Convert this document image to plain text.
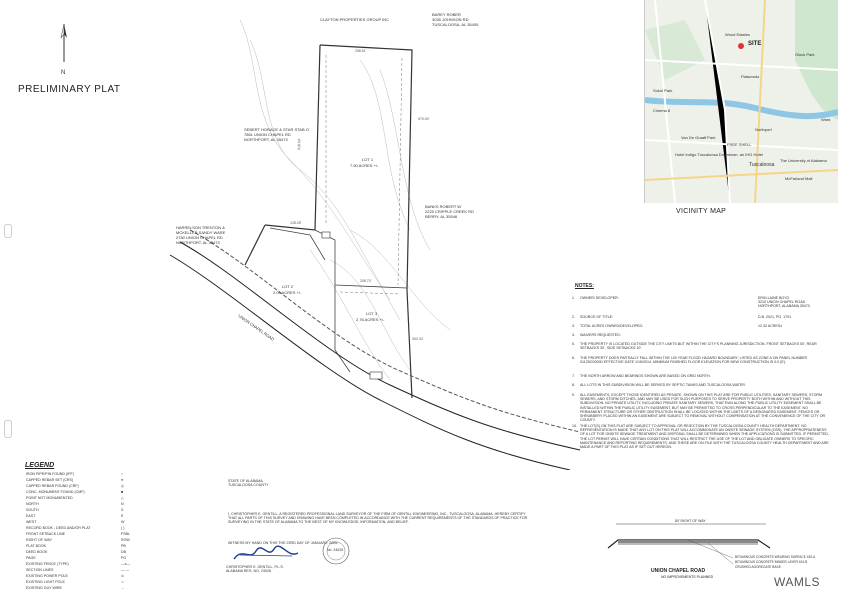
N
PRELIMINARY PLAT
258.51'
570.00'
618.59'
128.28'
208.70'
303.34'
CLAYTON PROPERTIES GROUP INC
BAREY ROBER
3035 JOHNSON RD
TUSCALOOSA, AL 35405
SEBERT HORACE & STAR STAB O
7861 UNION CHAPEL RD
NORTHPORT, AL 35473
HARRELSON TRENTON &
MCKELLER SANDY WARE
2780 UNION CHAPEL RD
NORTHPORT, AL 35473
BANKS ROBERT W
2225 CRIPPLE CREEK RD
BERRY, AL 35546
LOT 1
7.50 ACRES +/-
LOT 2
2.09 ACRES +/-
LOT 3
2.76 ACRES +/-
UNION CHAPEL ROAD
SITE
Wood Estates
Glock Park
Flatwoods
Northport
FREE SHELL
Tuscaloosa
The University of Alabama
Hotel Indigo Tuscaloosa Downtown, an IHG Hotel
Van De Graaff Park
Cinema 8
Sokol Park
McFarland Mall
Ward
VICINITY MAP
NOTES:
1. OWNER/ DEVELOPER:	ERIN LAINE BOYD
3210 UNION CHAPEL ROAD
NORTHPORT, ALABAMA 35473
2. SOURCE OF TITLE:	D.B. 2021, PG. 1791
3. TOTAL ACRES OWNED/DEVELOPED:	12.32 ACRES±
4. WAIVERS REQUESTED:
5. THE PROPERTY IS LOCATED OUTSIDE THE CITY LIMITS BUT WITHIN THE CITY'S PLANNING JURISDICTION. FRONT SETBACKS 50', REAR SETBACKS 30', SIDE SETBACKS 10'.
6. THE PROPERTY DOES PARTIALLY FALL WITHIN THE 100 YEAR FLOOD HAZARD BOUNDARY, LISTED AS ZONE A ON PANEL NUMBER 01125C0000D EFFECTIVE DATE 1/16/2014. MINIMUM FINISHED FLOOR ELEVATION FOR NEW CONSTRUCTION IS 0.0 (E).
7. THE NORTH ARROW AND BEARINGS SHOWN ARE BASED ON GRID NORTH.
8. ALL LOTS IN THIS SUBDIVISION WILL BE SERVED BY SEPTIC TANKS AND TUSCALOOSA WATER.
9. ALL EASEMENTS, EXCEPT THOSE IDENTIFIED AS PRIVATE, SHOWN ON THIS PLAT ARE FOR PUBLIC UTILITIES, SANITARY SEWERS, STORM SEWERS, AND STORM DITCHES, AND MAY BE USED FOR SUCH PURPOSES TO SERVE PROPERTY BOTH WITHIN AND WITHOUT THIS SUBDIVISION. NO PRIVATE UTILITY, INCLUDING PRIVATE SANITARY SEWERS, THAT RUN ALONG THE PUBLIC UTILITY EASEMENT SHALL BE INSTALLED WITHIN THE PUBLIC UTILITY EASEMENT, BUT MAY BE PERMITTED TO CROSS PERPENDICULAR TO THE EASEMENT. NO PERMANENT STRUCTURE OR OTHER OBSTRUCTION SHALL BE LOCATED WITHIN THE LIMITS OF A DESIGNATED EASEMENT. FENCES OR SHRUBBERY PLACED WITHIN AN EASEMENT ARE SUBJECT TO REMOVAL WITHOUT COMPENSATION AT THE CONVENIENCE OF THE CITY OR COUNTY.
10. THE LOT(S) ON THIS PLAT ARE SUBJECT TO APPROVAL OR REJECTION BY THE TUSCALOOSA COUNTY HEALTH DEPARTMENT. NO REPRESENTATION IS MADE THAT ANY LOT ON THIS PLAT WILL ACCOMMODATE AN ONSITE SEWAGE SYSTEM (OSS). THE APPROPRIATENESS OF A LOT FOR ONSITE SEWAGE TREATMENT AND DISPOSAL SHALL BE DETERMINED WHEN THE APPLICATIONS IS SUBMITTED. IF PERMITTED, THE LOT PERMIT WILL HAVE CERTAIN CONDITIONS THAT WILL RESTRICT THE USE OF THE LOT AND OBLIGATE OWNERS TO SPECIFIC MAINTENANCE AND REPORTING REQUIREMENTS, AND THESE ARE ON FILE WITH THE TUSCALOOSA COUNTY HEALTH DEPARTMENT AND ARE MADE A PART OF THIS PLAT AS IF SET OUT HEREON.
LEGEND
IRON PIPE/PIN FOUND (IPF)	○
CAPPED REBAR SET (CRS)	●
CAPPED REBAR FOUND (CRF)	◎
CONC. MONUMENT FOUND (CMF)	■
POINT NOT MONUMENTED	△
NORTH	N
SOUTH	S
EAST	E
WEST	W
RECORD BOOK - DEED AND/OR PLAT	( )
FRONT SETBACK LINE	FSBL
RIGHT OF WAY	ROW
PLAT BOOK	PB
DEED BOOK	DB
PAGE	PG
EXISTING FENCE (TYPE)	—x—
SECTION LINES	— —
EXISTING POWER POLE	⊙
EXISTING LIGHT POLE	☼
EXISTING GUY WIRE	←
STATE OF ALABAMA
TUSCALOOSA COUNTY
I, CHRISTOPHER E. GENTILL, A REGISTERED PROFESSIONAL LAND SURVEYOR OF THE FIRM OF GENTILL ENGINEERING, INC., TUSCALOOSA, ALABAMA, HEREBY CERTIFY THAT ALL PARTS OF THIS SURVEY AND DRAWING HAVE BEEN COMPLETED IN ACCORDANCE WITH THE CURRENT REQUIREMENTS OF THE STANDARDS OF PRACTICE FOR SURVEYING IN THE STATE OF ALABAMA TO THE BEST OF MY KNOWLEDGE, INFORMATION, AND BELIEF.
WITNESS MY HAND ON THIS THE 23RD DAY OF JANUARY, 2025.
CHRISTOPHER E. GENTILL, P.L.S.
ALABAMA REG. NO. 24026
No. 24026
80' RIGHT OF WAY
BITUMINOUS CONCRETE WEARING SURFACE 425-A
BITUMINOUS CONCRETE BINDER LAYER 424-B
CRUSHED AGGREGATE BASE
UNION CHAPEL ROAD
NO IMPROVEMENTS PLANNED	WAMLS
